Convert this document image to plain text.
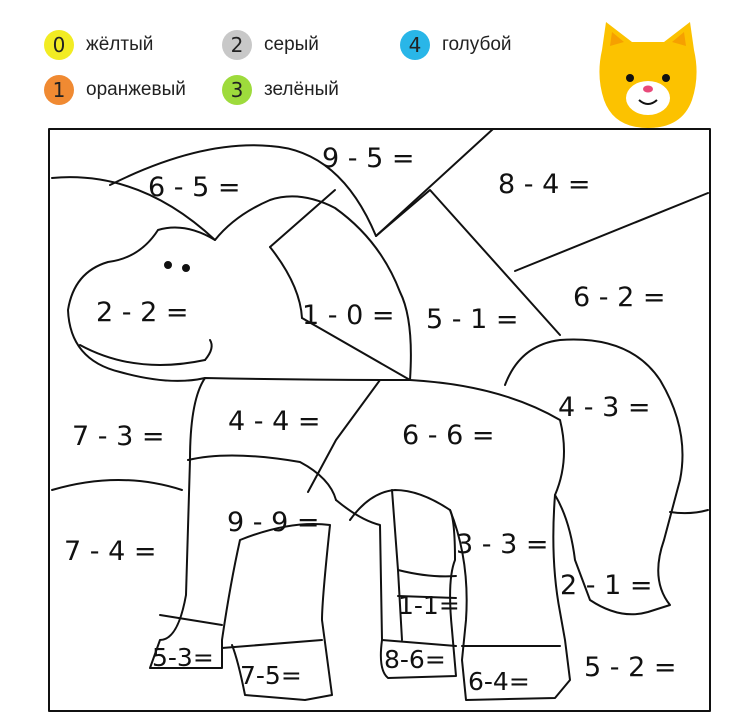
0	жёлтый
1	оранжевый
2	серый
3	зелёный
4	голубой
9 - 5 =
6 - 5 =	8 - 4 =
2 - 2 =	1 - 0 = 5 - 1 =
6 - 2 =
4 - 3 =
7 - 3 = 4 - 4 =	6 - 6 =
7 - 4 =
9 - 9 =
3 - 3 =
2 - 1 =
1-1=
5-3=
7-5=
8-6=
6-4= 5 - 2 =
